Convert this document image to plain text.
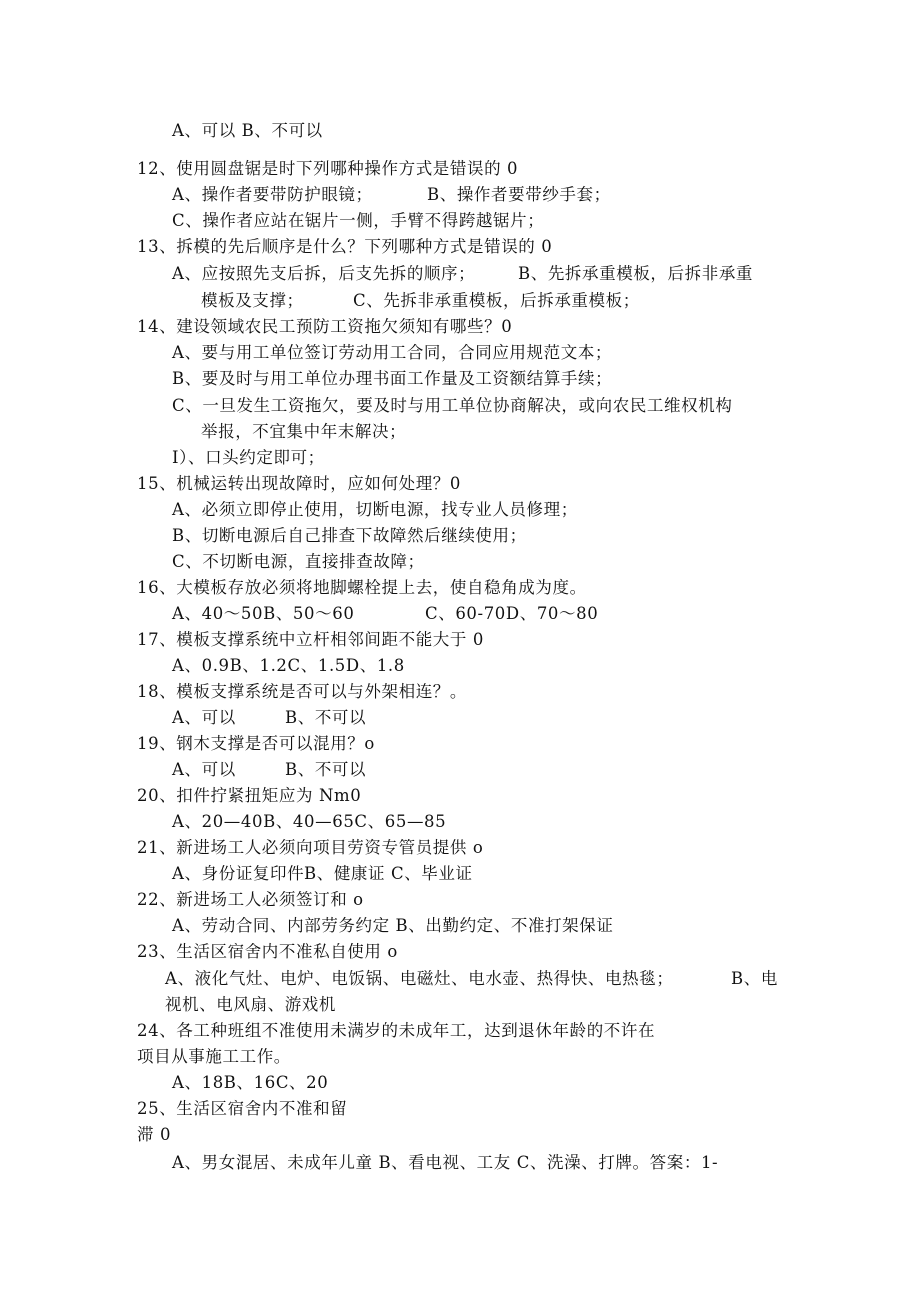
A、可以 B、不可以
12、使用圆盘锯是时下列哪种操作方式是错误的 0
A、操作者要带防护眼镜；	B、操作者要带纱手套；
C、操作者应站在锯片一侧，手臂不得跨越锯片；
13、拆模的先后顺序是什么？下列哪种方式是错误的 0
A、应按照先支后拆，后支先拆的顺序；	B、先拆承重模板，后拆非承重
模板及支撑；	C、先拆非承重模板，后拆承重模板；
14、建设领域农民工预防工资拖欠须知有哪些？0
A、要与用工单位签订劳动用工合同，合同应用规范文本；
B、要及时与用工单位办理书面工作量及工资额结算手续；
C、一旦发生工资拖欠，要及时与用工单位协商解决，或向农民工维权机构
举报，不宜集中年末解决；
I）、口头约定即可；
15、机械运转出现故障时，应如何处理？0
A、必须立即停止使用，切断电源，找专业人员修理；
B、切断电源后自己排查下故障然后继续使用；
C、不切断电源，直接排查故障；
16、大模板存放必须将地脚螺栓提上去，使自稳角成为度。
A、40～50B、50～60	C、60-70D、70～80
17、模板支撑系统中立杆相邻间距不能大于 0
A、0.9B、1.2C、1.5D、1.8
18、模板支撑系统是否可以与外架相连？。
A、可以	B、不可以
19、钢木支撑是否可以混用？o
A、可以	B、不可以
20、扣件拧紧扭矩应为 Nm0
A、20—40B、40—65C、65—85
21、新进场工人必须向项目劳资专管员提供 o
A、身份证复印件 B、健康证 C、毕业证
22、新进场工人必须签订和 o
A、劳动合同、内部劳务约定 B、出勤约定、不准打架保证
23、生活区宿舍内不准私自使用 o
A、液化气灶、电炉、电饭锅、电磁灶、电水壶、热得快、电热毯；	B、电
视机、电风扇、游戏机
24、各工种班组不准使用未满岁的未成年工，达到退休年龄的不许在
项目从事施工工作。
A、18B、16C、20
25、生活区宿舍内不准和留
滞 0
A、男女混居、未成年儿童 B、看电视、工友 C、洗澡、打牌。答案：1-
